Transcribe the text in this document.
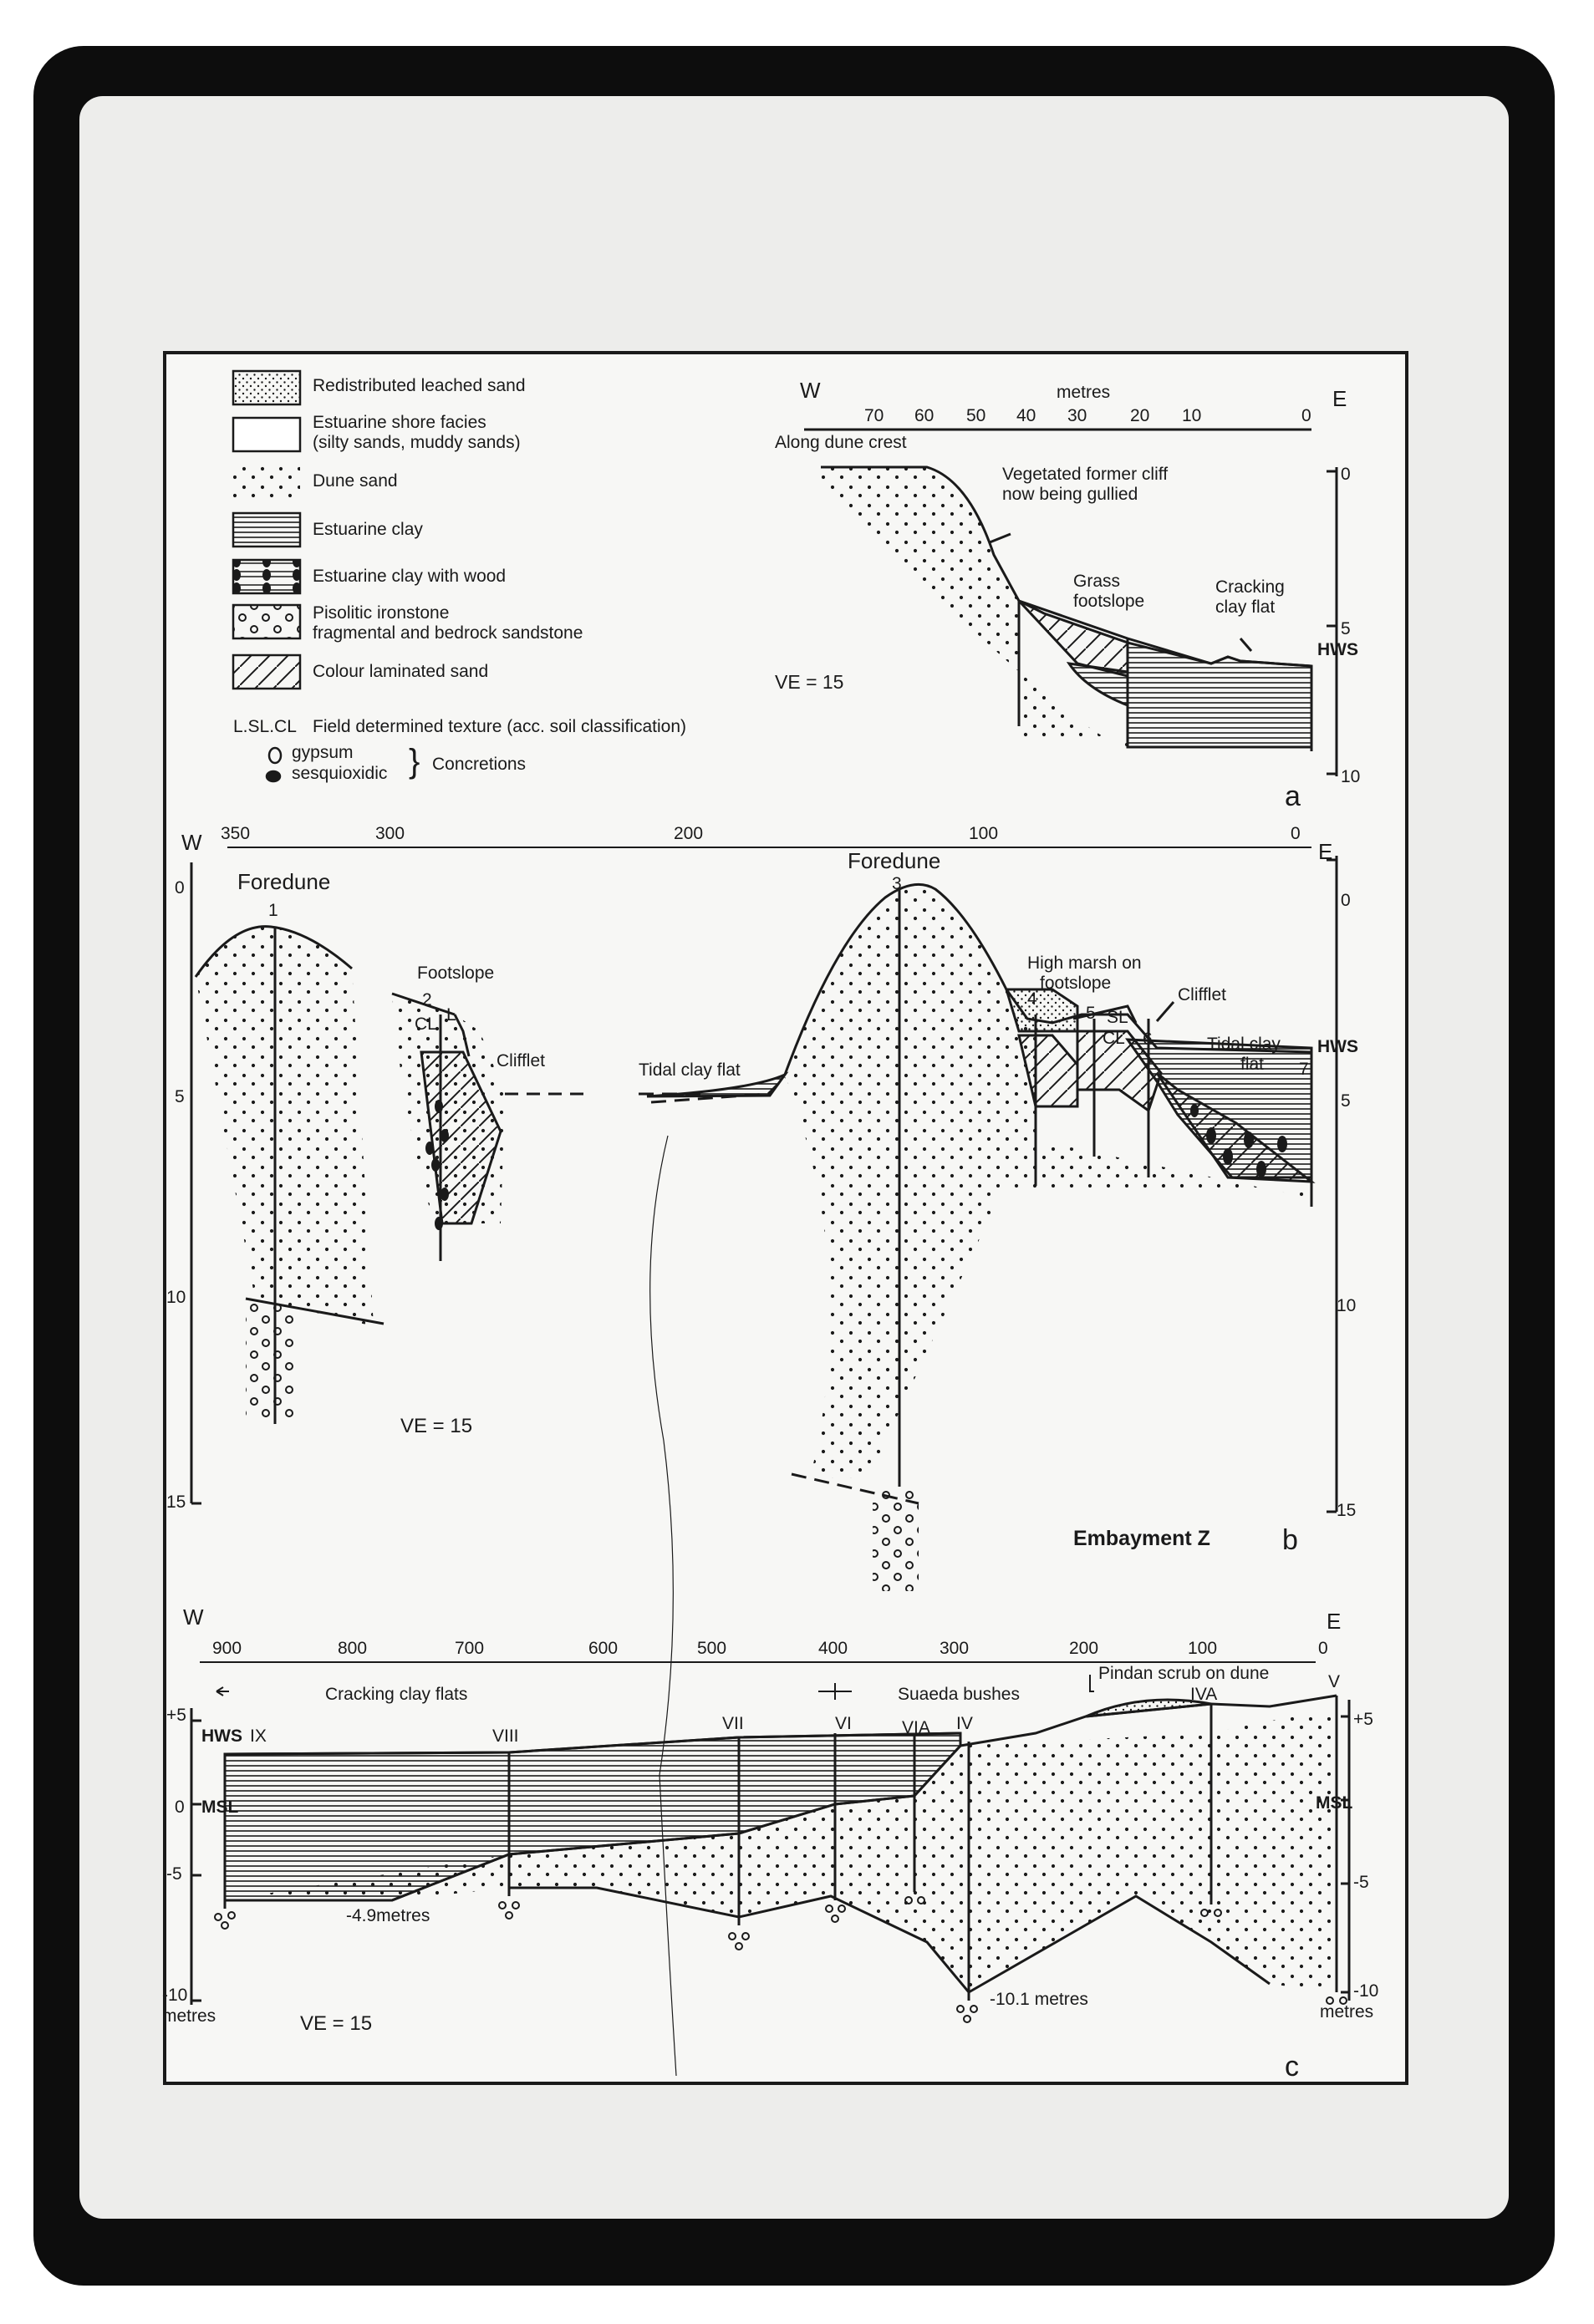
Redistributed leached sand
Estuarine shore facies
(silty sands, muddy sands)
Dune sand
Estuarine clay
Estuarine clay with wood
Pisolitic ironstone
fragmental and bedrock sandstone
Colour laminated sand
L.SL.CL Field determined texture (acc. soil classification)
gypsum
sesquioxidic } Concretions
W	E
metres
70 60 50 40 30 20 10	0
0
5
10
HWS
Along dune crest
Vegetated former cliff
now being gullied
Grass
footslope
Cracking
clay flat
VE = 15
a
W	E
350	300	200	100	0
0
5
10
15
0
5
10
15
HWS
Foredune
1
Footslope
2
CL L
Clifflet	Tidal clay flat
Foredune
3
High marsh on
footslope
4
5 SL
CL 6
Clifflet
Tidal clay
flat 7
VE = 15
Embayment Z	b
W	E
900	800	700	600	500	400	300	200	100	0
+5
0
-5
-10
metres
+5
-5
-10
metres
HWS
MSL	MSL
Cracking clay flats	Suaeda bushes
Pindan scrub on dune
IX	VIII
VII	VI	VIA IV
IVA
V
-4.9metres
-10.1 metres
VE = 15
c
